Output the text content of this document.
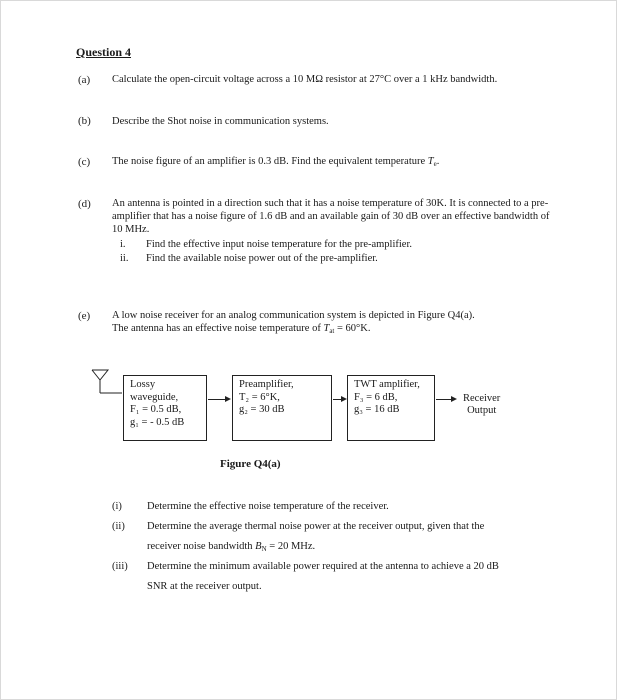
Question 4
(a) Calculate the open-circuit voltage across a 10 MΩ resistor at 27°C over a 1 kHz bandwidth.
(b) Describe the Shot noise in communication systems.
(c) The noise figure of an amplifier is 0.3 dB. Find the equivalent temperature $T_e$.
(d) An antenna is pointed in a direction such that it has a noise temperature of 30K. It is connected to a pre-amplifier that has a noise figure of 1.6 dB and an available gain of 30 dB over an effective bandwidth of 10 MHz.
i. Find the effective input noise temperature for the pre-amplifier.
ii. Find the available noise power out of the pre-amplifier.
(e) A low noise receiver for an analog communication system is depicted in Figure Q4(a).
The antenna has an effective noise temperature of $T_{at} = 60^\circ K$.
Lossy
waveguide,
F₁ = 0.5 dB,
g₁ = - 0.5 dB
Preamplifier,
T₂ = 6°K,
g₂ = 30 dB
TWT amplifier,
F₃ = 6 dB,
g₃ = 16 dB
Receiver
Output
Figure Q4(a)
(i) Determine the effective noise temperature of the receiver.
(ii) Determine the average thermal noise power at the receiver output, given that the
receiver noise bandwidth $B_N = 20$ MHz.
(iii) Determine the minimum available power required at the antenna to achieve a 20 dB
SNR at the receiver output.
